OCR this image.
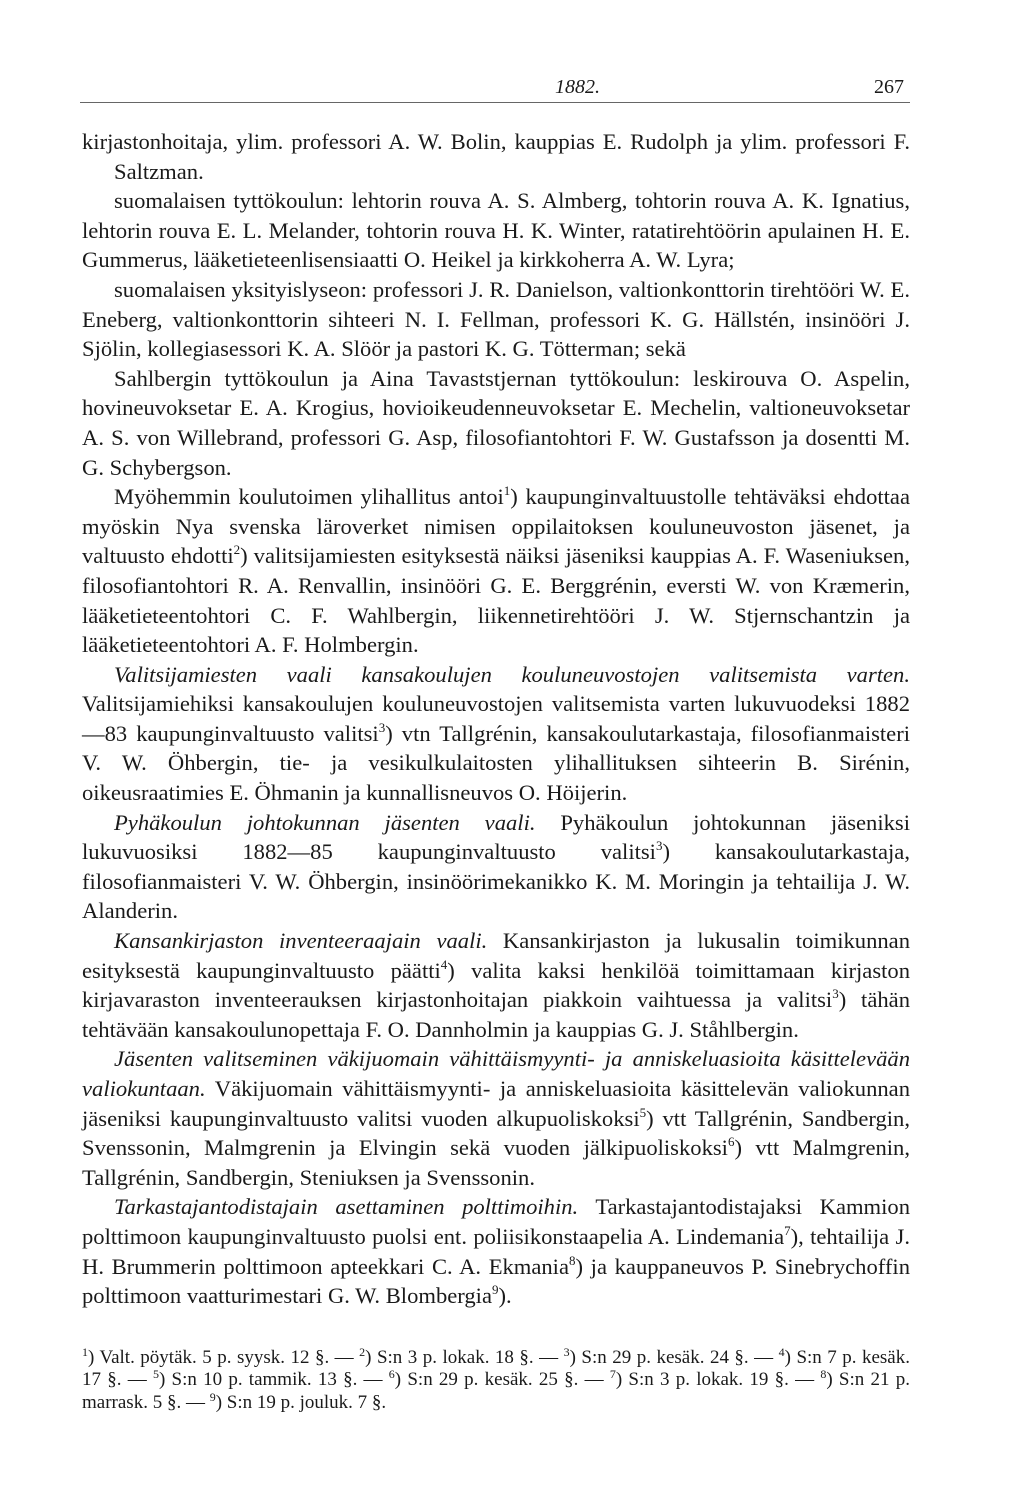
1882.	267

kirjastonhoitaja, ylim. professori A. W. Bolin, kauppias E. Rudolph ja ylim. professori F. Saltzman.

suomalaisen tyttökoulun: lehtorin rouva A. S. Almberg, tohtorin rouva A. K. Ignatius, lehtorin rouva E. L. Melander, tohtorin rouva H. K. Winter, ratatirehtöörin apulainen H. E. Gummerus, lääketieteenlisensiaatti O. Heikel ja kirkkoherra A. W. Lyra;

suomalaisen yksityislyseon: professori J. R. Danielson, valtionkonttorin tirehtööri W. E. Eneberg, valtionkonttorin sihteeri N. I. Fellman, professori K. G. Hällstén, insinööri J. Sjölin, kollegiasessori K. A. Slöör ja pastori K. G. Tötterman; sekä

Sahlbergin tyttökoulun ja Aina Tavaststjernan tyttökoulun: leskirouva O. Aspelin, hovineuvoksetar E. A. Krogius, hovioikeudenneuvoksetar E. Mechelin, valtioneuvoksetar A. S. von Willebrand, professori G. Asp, filosofiantohtori F. W. Gustafsson ja dosentti M. G. Schybergson.

Myöhemmin koulutoimen ylihallitus antoi$^1$) kaupunginvaltuustolle tehtäväksi ehdottaa myöskin Nya svenska läroverket nimisen oppilaitoksen kouluneuvoston jäsenet, ja valtuusto ehdotti$^2$) valitsijamiesten esityksestä näiksi jäseniksi kauppias A. F. Waseniuksen, filosofiantohtori R. A. Renvallin, insinööri G. E. Berggrénin, eversti W. von Kræmerin, lääketieteentohtori C. F. Wahlbergin, liikennetirehtööri J. W. Stjernschantzin ja lääketieteentohtori A. F. Holmbergin.

Valitsijamiesten vaali kansakoulujen kouluneuvostojen valitsemista varten. Valitsijamiehiksi kansakoulujen kouluneuvostojen valitsemista varten lukuvuodeksi 1882—83 kaupunginvaltuusto valitsi$^3$) vtn Tallgrénin, kansakoulutarkastaja, filosofianmaisteri V. W. Öhbergin, tie- ja vesikulkulaitosten ylihallituksen sihteerin B. Sirénin, oikeusraatimies E. Öhmanin ja kunnallisneuvos O. Höijerin.

Pyhäkoulun johtokunnan jäsenten vaali. Pyhäkoulun johtokunnan jäseniksi lukuvuosiksi 1882—85 kaupunginvaltuusto valitsi$^3$) kansakoulutarkastaja, filosofianmaisteri V. W. Öhbergin, insinöörimekanikko K. M. Moringin ja tehtailija J. W. Alanderin.

Kansankirjaston inventeeraajain vaali. Kansankirjaston ja lukusalin toimikunnan esityksestä kaupunginvaltuusto päätti$^4$) valita kaksi henkilöä toimittamaan kirjaston kirjavaraston inventeerauksen kirjastonhoitajan piakkoin vaihtuessa ja valitsi$^3$) tähän tehtävään kansakoulunopettaja F. O. Dannholmin ja kauppias G. J. Ståhlbergin.

Jäsenten valitseminen väkijuomain vähittäismyynti- ja anniskeluasioita käsittelevään valiokuntaan. Väkijuomain vähittäismyynti- ja anniskeluasioita käsittelevän valiokunnan jäseniksi kaupunginvaltuusto valitsi vuoden alkupuoliskoksi$^5$) vtt Tallgrénin, Sandbergin, Svenssonin, Malmgrenin ja Elvingin sekä vuoden jälkipuoliskoksi$^6$) vtt Malmgrenin, Tallgrénin, Sandbergin, Steniuksen ja Svenssonin.

Tarkastajantodistajain asettaminen polttimoihin. Tarkastajantodistajaksi Kammion polttimoon kaupunginvaltuusto puolsi ent. poliisikonstaapelia A. Lindemania$^7$), tehtailija J. H. Brummerin polttimoon apteekkari C. A. Ekmania$^8$) ja kauppaneuvos P. Sinebrychoffin polttimoon vaatturimestari G. W. Blombergia$^9$).

$^1$) Valt. pöytäk. 5 p. syysk. 12 §. — $^2$) S:n 3 p. lokak. 18 §. — $^3$) S:n 29 p. kesäk. 24 §. — $^4$) S:n 7 p. kesäk. 17 §. — $^5$) S:n 10 p. tammik. 13 §. — $^6$) S:n 29 p. kesäk. 25 §. — $^7$) S:n 3 p. lokak. 19 §. — $^8$) S:n 21 p. marrask. 5 §. — $^9$) S:n 19 p. jouluk. 7 §.
